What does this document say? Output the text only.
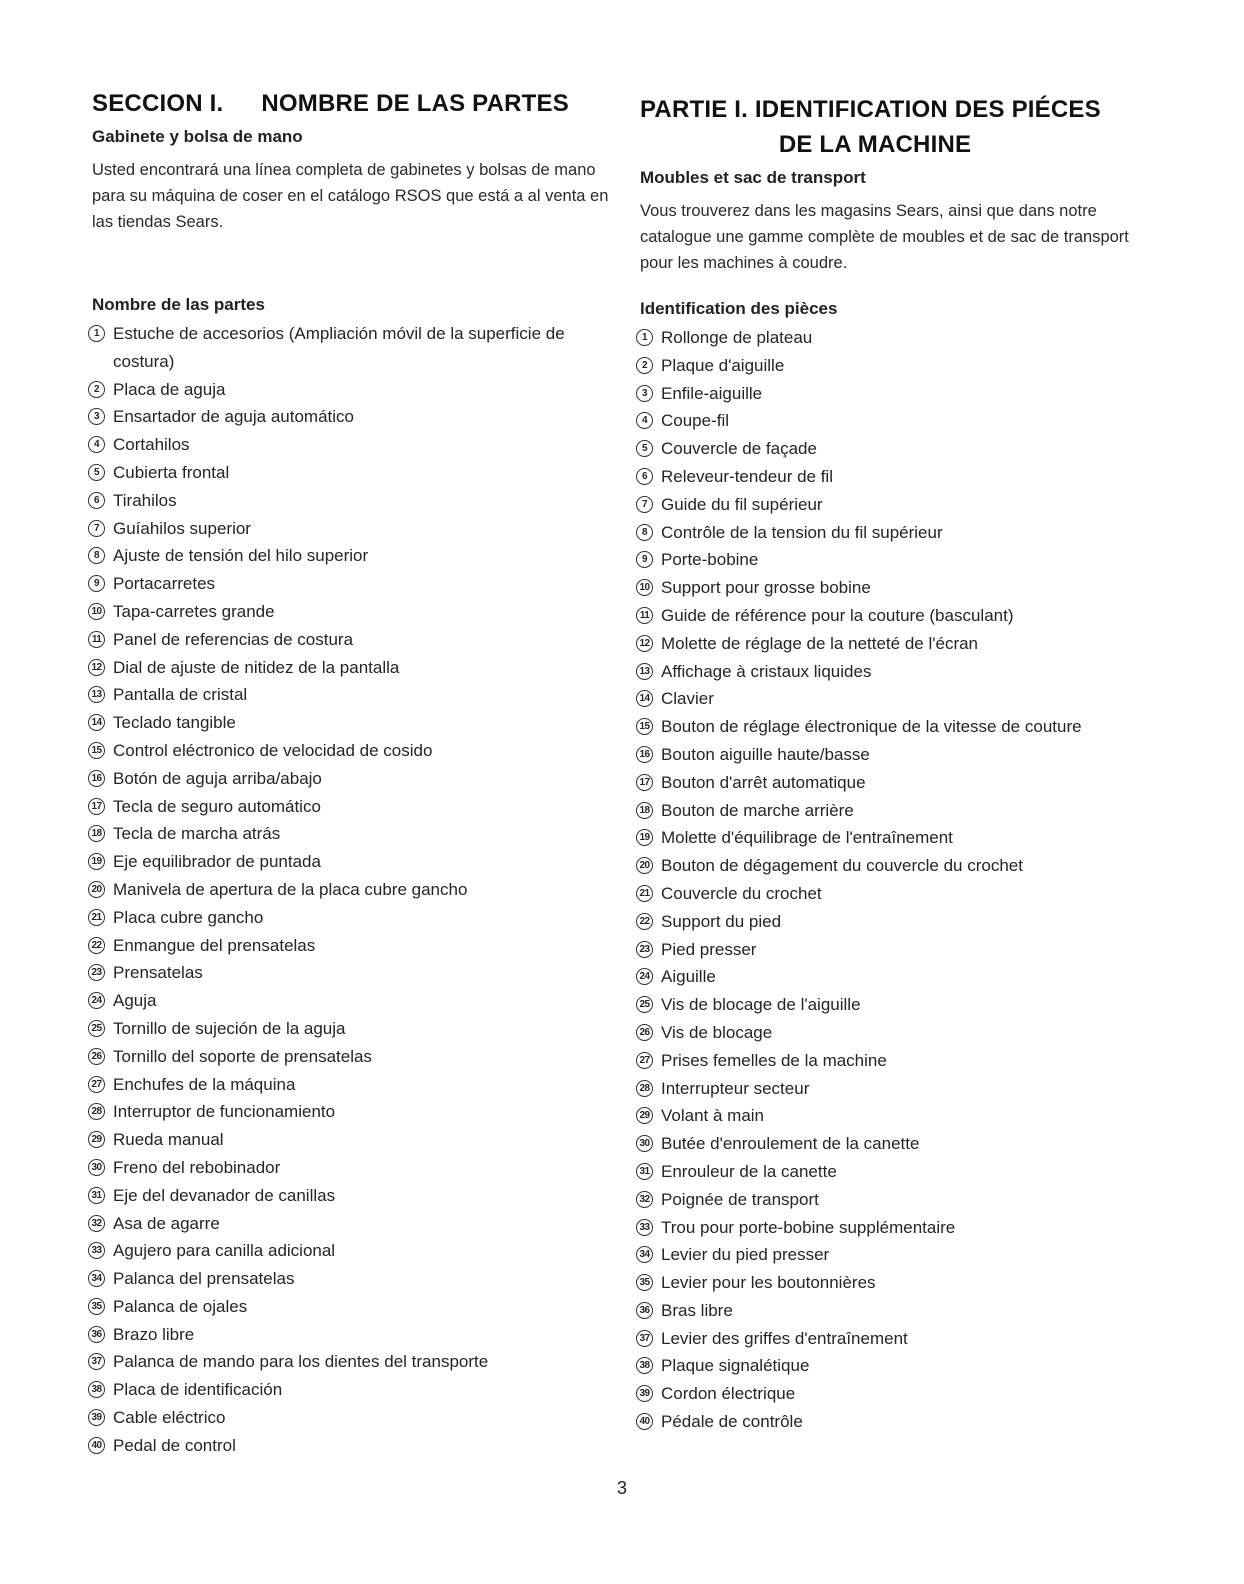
SECCION I. NOMBRE DE LAS PARTES
Gabinete y bolsa de mano

Usted encontrará una línea completa de gabinetes y bolsas de mano para su máquina de coser en el catálogo RSOS que está a al venta en las tiendas Sears.

Nombre de las partes
1 Estuche de accesorios (Ampliación móvil de la superficie de costura)
2 Placa de aguja
3 Ensartador de aguja automático
4 Cortahilos
5 Cubierta frontal
6 Tirahilos
7 Guíahilos superior
8 Ajuste de tensión del hilo superior
9 Portacarretes
10 Tapa-carretes grande
11 Panel de referencias de costura
12 Dial de ajuste de nitidez de la pantalla
13 Pantalla de cristal
14 Teclado tangible
15 Control eléctronico de velocidad de cosido
16 Botón de aguja arriba/abajo
17 Tecla de seguro automático
18 Tecla de marcha atrás
19 Eje equilibrador de puntada
20 Manivela de apertura de la placa cubre gancho
21 Placa cubre gancho
22 Enmangue del prensatelas
23 Prensatelas
24 Aguja
25 Tornillo de sujeción de la aguja
26 Tornillo del soporte de prensatelas
27 Enchufes de la máquina
28 Interruptor de funcionamiento
29 Rueda manual
30 Freno del rebobinador
31 Eje del devanador de canillas
32 Asa de agarre
33 Agujero para canilla adicional
34 Palanca del prensatelas
35 Palanca de ojales
36 Brazo libre
37 Palanca de mando para los dientes del transporte
38 Placa de identificación
39 Cable eléctrico
40 Pedal de control
PARTIE I. IDENTIFICATION DES PIÉCES
DE LA MACHINE
Moubles et sac de transport

Vous trouverez dans les magasins Sears, ainsi que dans notre catalogue une gamme complète de moubles et de sac de transport pour les machines à coudre.

Identification des pièces
1 Rollonge de plateau
2 Plaque d'aiguille
3 Enfile-aiguille
4 Coupe-fil
5 Couvercle de façade
6 Releveur-tendeur de fil
7 Guide du fil supérieur
8 Contrôle de la tension du fil supérieur
9 Porte-bobine
10 Support pour grosse bobine
11 Guide de référence pour la couture (basculant)
12 Molette de réglage de la netteté de l'écran
13 Affichage à cristaux liquides
14 Clavier
15 Bouton de réglage électronique de la vitesse de couture
16 Bouton aiguille haute/basse
17 Bouton d'arrêt automatique
18 Bouton de marche arrière
19 Molette d'équilibrage de l'entraînement
20 Bouton de dégagement du couvercle du crochet
21 Couvercle du crochet
22 Support du pied
23 Pied presser
24 Aiguille
25 Vis de blocage de l'aiguille
26 Vis de blocage
27 Prises femelles de la machine
28 Interrupteur secteur
29 Volant à main
30 Butée d'enroulement de la canette
31 Enrouleur de la canette
32 Poignée de transport
33 Trou pour porte-bobine supplémentaire
34 Levier du pied presser
35 Levier pour les boutonnières
36 Bras libre
37 Levier des griffes d'entraînement
38 Plaque signalétique
39 Cordon électrique
40 Pédale de contrôle

3
